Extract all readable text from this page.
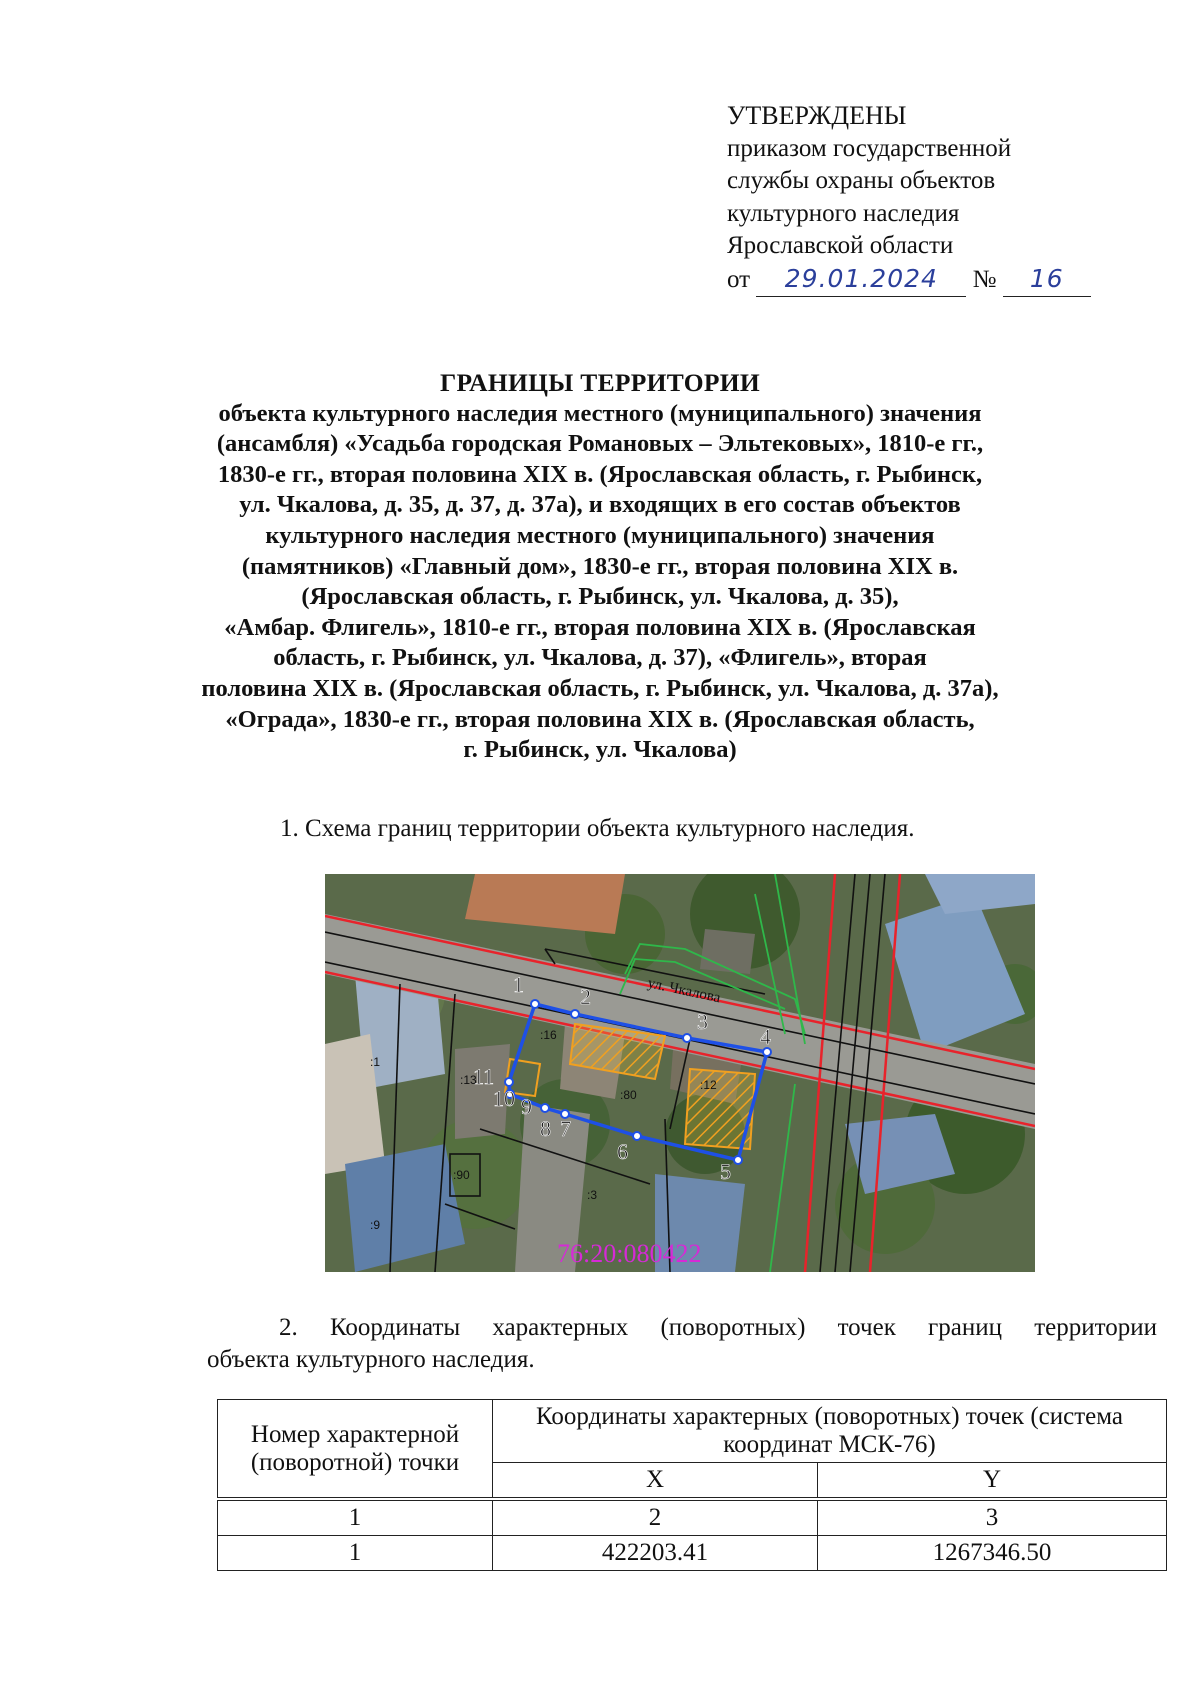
УТВЕРЖДЕНЫ
приказом государственной
службы охраны объектов
культурного наследия
Ярославской области
от 29.01.2024 № 16
ГРАНИЦЫ ТЕРРИТОРИИ
объекта культурного наследия местного (муниципального) значения
(ансамбля) «Усадьба городская Романовых – Эльтековых», 1810-е гг.,
1830-е гг., вторая половина XIX в. (Ярославская область, г. Рыбинск,
ул. Чкалова, д. 35, д. 37, д. 37а), и входящих в его состав объектов
культурного наследия местного (муниципального) значения
(памятников) «Главный дом», 1830-е гг., вторая половина XIX в.
(Ярославская область, г. Рыбинск, ул. Чкалова, д. 35),
«Амбар. Флигель», 1810-е гг., вторая половина XIX в. (Ярославская
область, г. Рыбинск, ул. Чкалова, д. 37), «Флигель», вторая
половина XIX в. (Ярославская область, г. Рыбинск, ул. Чкалова, д. 37а),
«Ограда», 1830-е гг., вторая половина XIX в. (Ярославская область,
г. Рыбинск, ул. Чкалова)
1. Схема границ территории объекта культурного наследия.
1	2
3
4
5
6
7
8
9
10
11
:16
:80
:12
:1
:13
:90
:3
:9
ул. Чкалова
76:20:080422
2. Координаты характерных (поворотных) точек границ территории объекта культурного наследия.
Номер характерной (поворотной) точки	Координаты характерных (поворотных) точек (система координат МСК-76)	
	X	Y
1	2	3
1	422203.41	1267346.50
